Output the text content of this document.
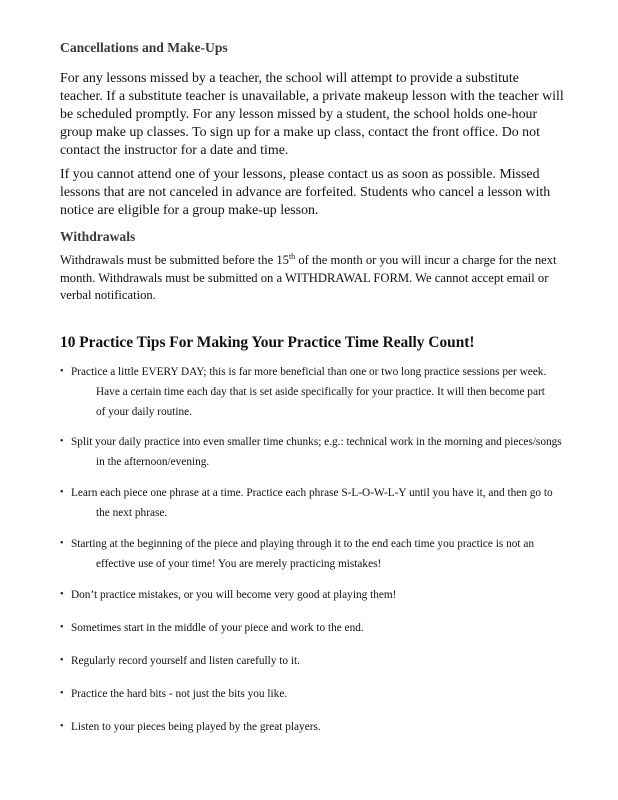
Cancellations and Make-Ups

For any lessons missed by a teacher, the school will attempt to provide a substitute teacher. If a substitute teacher is unavailable, a private makeup lesson with the teacher will be scheduled promptly. For any lesson missed by a student, the school holds one-hour group make up classes. To sign up for a make up class, contact the front office. Do not contact the instructor for a date and time.

If you cannot attend one of your lessons, please contact us as soon as possible. Missed lessons that are not canceled in advance are forfeited. Students who cancel a lesson with notice are eligible for a group make-up lesson.

Withdrawals

Withdrawals must be submitted before the 15th of the month or you will incur a charge for the next month. Withdrawals must be submitted on a WITHDRAWAL FORM. We cannot accept email or verbal notification.

10 Practice Tips For Making Your Practice Time Really Count!
• Practice a little EVERY DAY; this is far more beneficial than one or two long practice sessions per week.
Have a certain time each day that is set aside specifically for your practice. It will then become part of your daily routine.
• Split your daily practice into even smaller time chunks; e.g.: technical work in the morning and pieces/songs
in the afternoon/evening.
• Learn each piece one phrase at a time. Practice each phrase S-L-O-W-L-Y until you have it, and then go to
the next phrase.
• Starting at the beginning of the piece and playing through it to the end each time you practice is not an
effective use of your time! You are merely practicing mistakes!
• Don’t practice mistakes, or you will become very good at playing them!
• Sometimes start in the middle of your piece and work to the end.
• Regularly record yourself and listen carefully to it.
• Practice the hard bits - not just the bits you like.
• Listen to your pieces being played by the great players.
